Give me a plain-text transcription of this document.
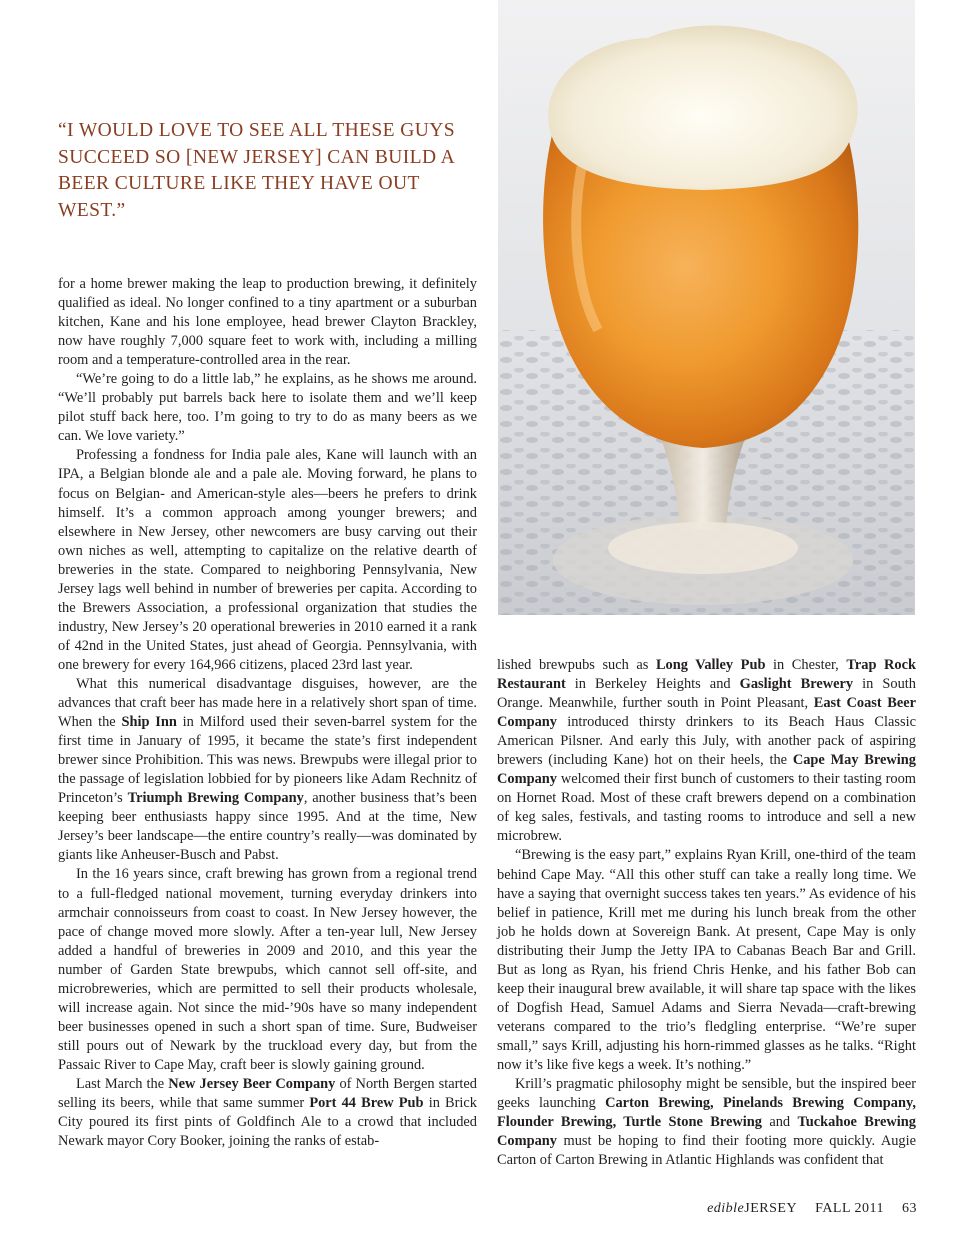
“I WOULD LOVE TO SEE ALL THESE GUYS SUCCEED SO [NEW JERSEY] CAN BUILD A BEER CULTURE LIKE THEY HAVE OUT WEST.”

for a home brewer making the leap to production brewing, it definitely qualified as ideal. No longer confined to a tiny apartment or a suburban kitchen, Kane and his lone employee, head brewer Clayton Brackley, now have roughly 7,000 square feet to work with, including a milling room and a temperature-controlled area in the rear.

“We’re going to do a little lab,” he explains, as he shows me around. “We’ll probably put barrels back here to isolate them and we’ll keep pilot stuff back here, too. I’m going to try to do as many beers as we can. We love variety.”

Professing a fondness for India pale ales, Kane will launch with an IPA, a Belgian blonde ale and a pale ale. Moving forward, he plans to focus on Belgian- and American-style ales—beers he prefers to drink himself. It’s a common approach among younger brewers; and elsewhere in New Jersey, other newcomers are busy carving out their own niches as well, attempting to capitalize on the relative dearth of breweries in the state. Compared to neighboring Pennsylvania, New Jersey lags well behind in number of breweries per capita. According to the Brewers Association, a professional organization that studies the industry, New Jersey’s 20 operational breweries in 2010 earned it a rank of 42nd in the United States, just ahead of Georgia. Pennsylvania, with one brewery for every 164,966 citizens, placed 23rd last year.

What this numerical disadvantage disguises, however, are the advances that craft beer has made here in a relatively short span of time. When the Ship Inn in Milford used their seven-barrel system for the first time in January of 1995, it became the state’s first independent brewer since Prohibition. This was news. Brewpubs were illegal prior to the passage of legislation lobbied for by pioneers like Adam Rechnitz of Princeton’s Triumph Brewing Company, another business that’s been keeping beer enthusiasts happy since 1995. And at the time, New Jersey’s beer landscape—the entire country’s really—was dominated by giants like Anheuser-Busch and Pabst.

In the 16 years since, craft brewing has grown from a regional trend to a full-fledged national movement, turning everyday drinkers into armchair connoisseurs from coast to coast. In New Jersey however, the pace of change moved more slowly. After a ten-year lull, New Jersey added a handful of breweries in 2009 and 2010, and this year the number of Garden State brewpubs, which cannot sell off-site, and microbreweries, which are permitted to sell their products wholesale, will increase again. Not since the mid-’90s have so many independent beer businesses opened in such a short span of time. Sure, Budweiser still pours out of Newark by the truckload every day, but from the Passaic River to Cape May, craft beer is slowly gaining ground.

Last March the New Jersey Beer Company of North Bergen started selling its beers, while that same summer Port 44 Brew Pub in Brick City poured its first pints of Goldfinch Ale to a crowd that included Newark mayor Cory Booker, joining the ranks of estab-

lished brewpubs such as Long Valley Pub in Chester, Trap Rock Restaurant in Berkeley Heights and Gaslight Brewery in South Orange. Meanwhile, further south in Point Pleasant, East Coast Beer Company introduced thirsty drinkers to its Beach Haus Classic American Pilsner. And early this July, with another pack of aspiring brewers (including Kane) hot on their heels, the Cape May Brewing Company welcomed their first bunch of customers to their tasting room on Hornet Road. Most of these craft brewers depend on a combination of keg sales, festivals, and tasting rooms to introduce and sell a new microbrew.

“Brewing is the easy part,” explains Ryan Krill, one-third of the team behind Cape May. “All this other stuff can take a really long time. We have a saying that overnight success takes ten years.” As evidence of his belief in patience, Krill met me during his lunch break from the other job he holds down at Sovereign Bank. At present, Cape May is only distributing their Jump the Jetty IPA to Cabanas Beach Bar and Grill. But as long as Ryan, his friend Chris Henke, and his father Bob can keep their inaugural brew available, it will share tap space with the likes of Dogfish Head, Samuel Adams and Sierra Nevada—craft-brewing veterans compared to the trio’s fledgling enterprise. “We’re super small,” says Krill, adjusting his horn-rimmed glasses as he talks. “Right now it’s like five kegs a week. It’s nothing.”

Krill’s pragmatic philosophy might be sensible, but the inspired beer geeks launching Carton Brewing, Pinelands Brewing Company, Flounder Brewing, Turtle Stone Brewing and Tuckahoe Brewing Company must be hoping to find their footing more quickly. Augie Carton of Carton Brewing in Atlantic Highlands was confident that

edibleJERSEY FALL 2011 63
